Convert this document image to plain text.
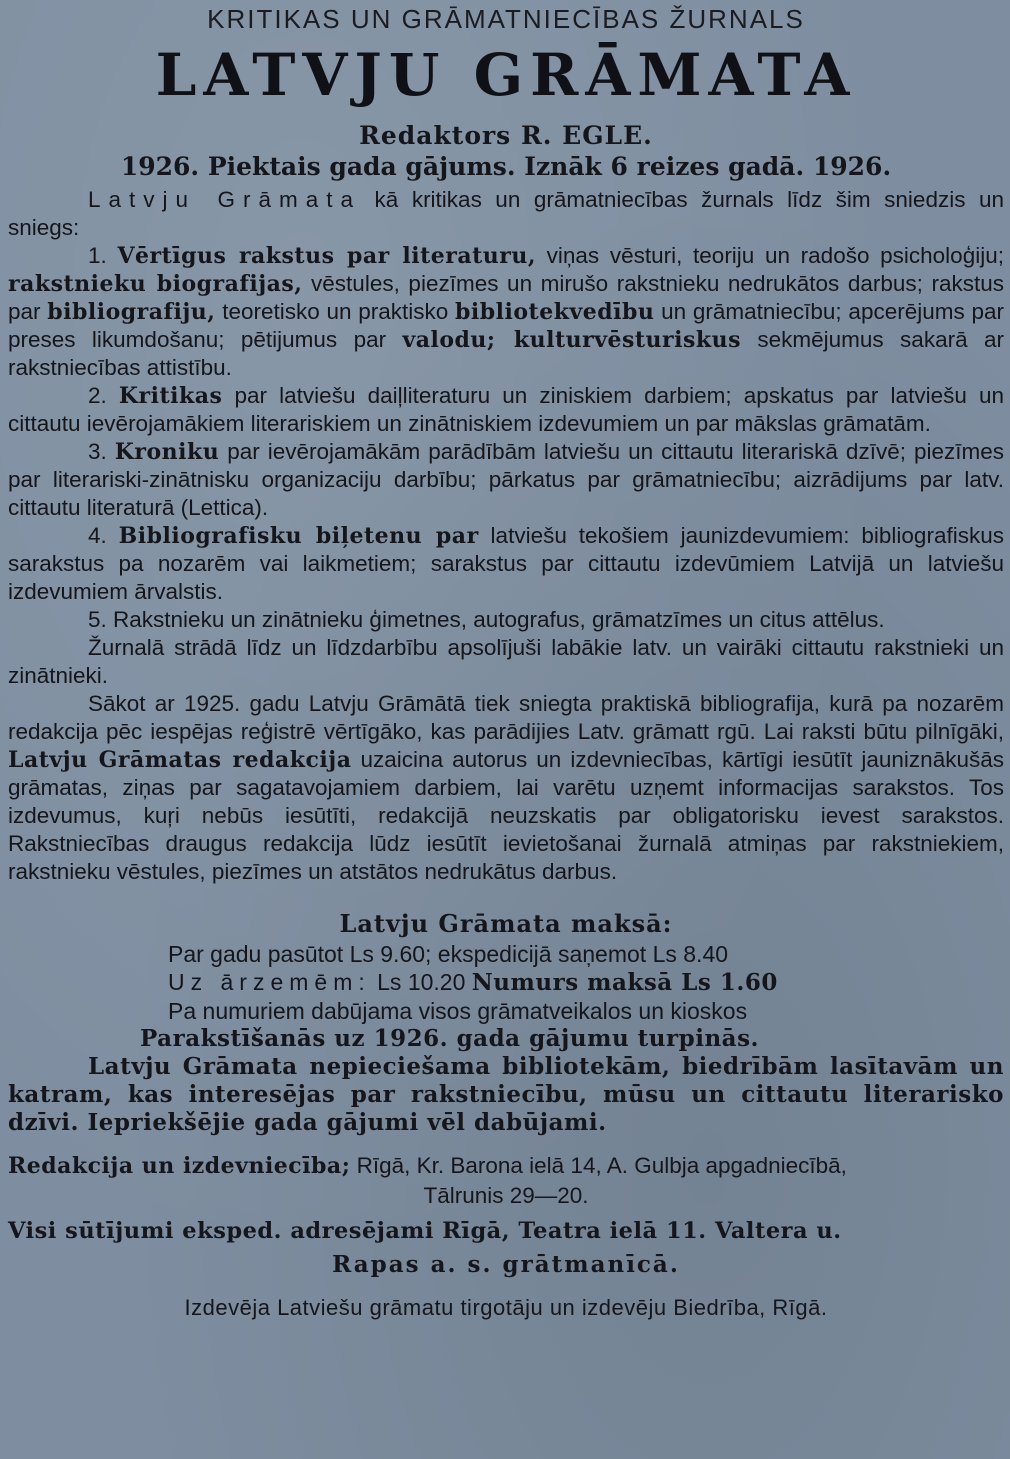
KRITIKAS UN GRĀMATNIECĪBAS ŽURNALS
LATVJU GRĀMATA
Redaktors R. EGLE.
1926. Piektais gada gājums. Iznāk 6 reizes gadā. 1926.

Latvju Grāmata kā kritikas un grāmatniecības žurnals līdz šim sniedzis un sniegs:

1. Vērtīgus rakstus par literaturu, viņas vēsturi, teoriju un radošo psicholoģiju; rakstnieku biografijas, vēstules, piezīmes un mirušo rakstnieku nedrukātos darbus; rakstus par bibliografiju, teoretisko un praktisko bibliotekvedību un grāmatniecību; apcerējums par preses likumdošanu; pētijumus par valodu; kulturvēsturiskus sekmējumus sakarā ar rakstniecības attistību.

2. Kritikas par latviešu daiļliteraturu un ziniskiem darbiem; apskatus par latviešu un cittautu ievērojamākiem literariskiem un zinātniskiem izdevumiem un par mākslas grāmatām.

3. Kroniku par ievērojamākām parādībām latviešu un cittautu literariskā dzīvē; piezīmes par literariski-zinātnisku organizaciju darbību; pārkatus par grāmatniecību; aizrādijums par latv. cittautu literaturā (Lettica).

4. Bibliografisku biļetenu par latviešu tekošiem jaunizdevumiem: bibliografiskus sarakstus pa nozarēm vai laikmetiem; sarakstus par cittautu izdevūmiem Latvijā un latviešu izdevumiem ārvalstis.

5. Rakstnieku un zinātnieku ģimetnes, autografus, grāmatzīmes un citus attēlus.

Žurnalā strādā līdz un līdzdarbību apsolījuši labākie latv. un vairāki cittautu rakstnieki un zinātnieki.

Sākot ar 1925. gadu Latvju Grāmātā tiek sniegta praktiskā bibliografija, kurā pa nozarēm redakcija pēc iespējas reģistrē vērtīgāko, kas parādijies Latv. grāmatt rgū. Lai raksti būtu pilnīgāki, Latvju Grāmatas redakcija uzaicina autorus un izdevniecības, kārtīgi iesūtīt jauniznākušās grāmatas, ziņas par sagatavojamiem darbiem, lai varētu uzņemt informacijas sarakstos. Tos izdevumus, kuŗi nebūs iesūtīti, redakcijā neuzskatis par obligatorisku ievest sarakstos. Rakstniecības draugus redakcija lūdz iesūtīt ievietošanai žurnalā atmiņas par rakstniekiem, rakstnieku vēstules, piezīmes un atstātos nedrukātus darbus.

Latvju Grāmata maksā:
Par gadu pasūtot Ls 9.60; ekspedicijā saņemot Ls 8.40
Uz ārzemēm: Ls 10.20 Numurs maksā Ls 1.60
Pa numuriem dabūjama visos grāmatveikalos un kioskos
Parakstīšanās uz 1926. gada gājumu turpinās.
Latvju Grāmata nepieciešama bibliotekām, biedrībām lasītavām un katram, kas interesējas par rakstniecību, mūsu un cittautu literarisko dzīvi. Iepriekšējie gada gājumi vēl dabūjami.
Redakcija un izdevniecība; Rīgā, Kr. Barona ielā 14, A. Gulbja apgadniecībā,
Tālrunis 29—20.
Visi sūtījumi eksped. adresējami Rīgā, Teatra ielā 11. Valtera u.
Rapas a. s. grātmanīcā.
Izdevēja Latviešu grāmatu tirgotāju un izdevēju Biedrība, Rīgā.
